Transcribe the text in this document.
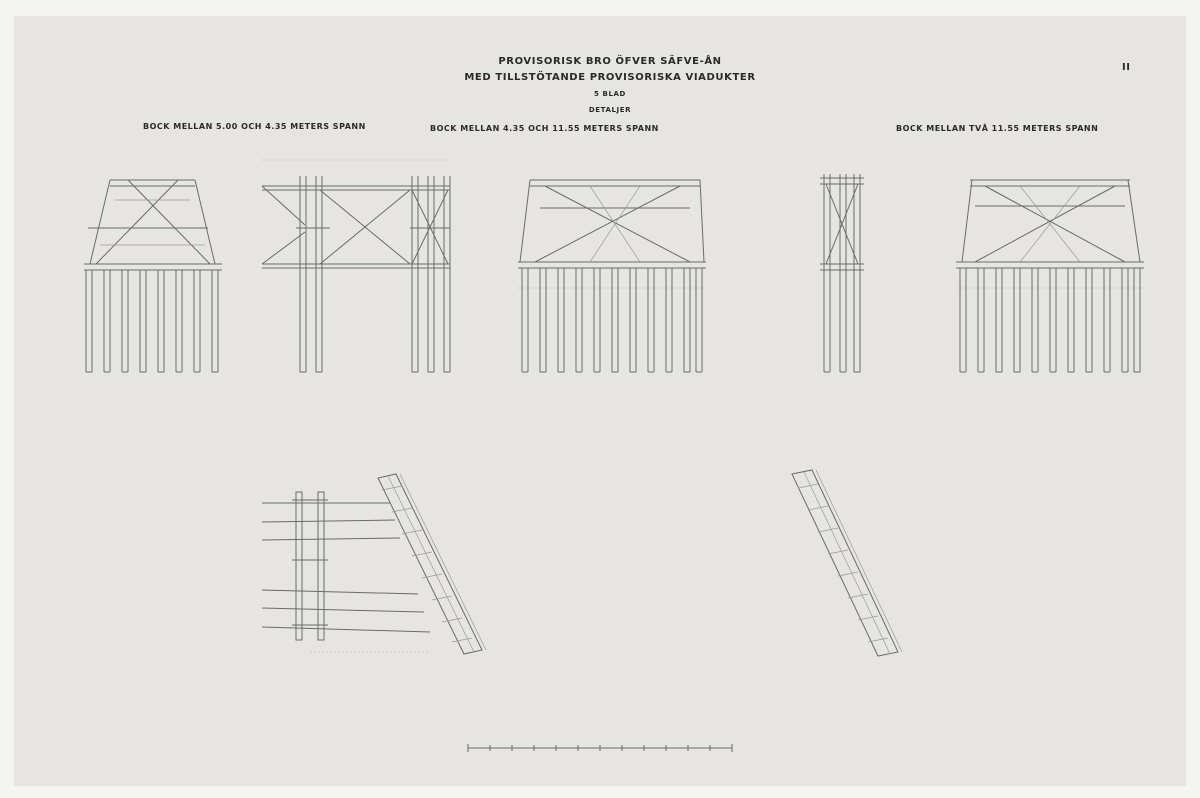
PROVISORISK BRO ÖFVER SÄFVE-ÅN
MED TILLSTÖTANDE PROVISORISKA VIADUKTER
5 BLAD
DETALJER
II
BOCK MELLAN 5.00 OCH 4.35 METERS SPANN	BOCK MELLAN 4.35 OCH 11.55 METERS SPANN	BOCK MELLAN TVÅ 11.55 METERS SPANN
